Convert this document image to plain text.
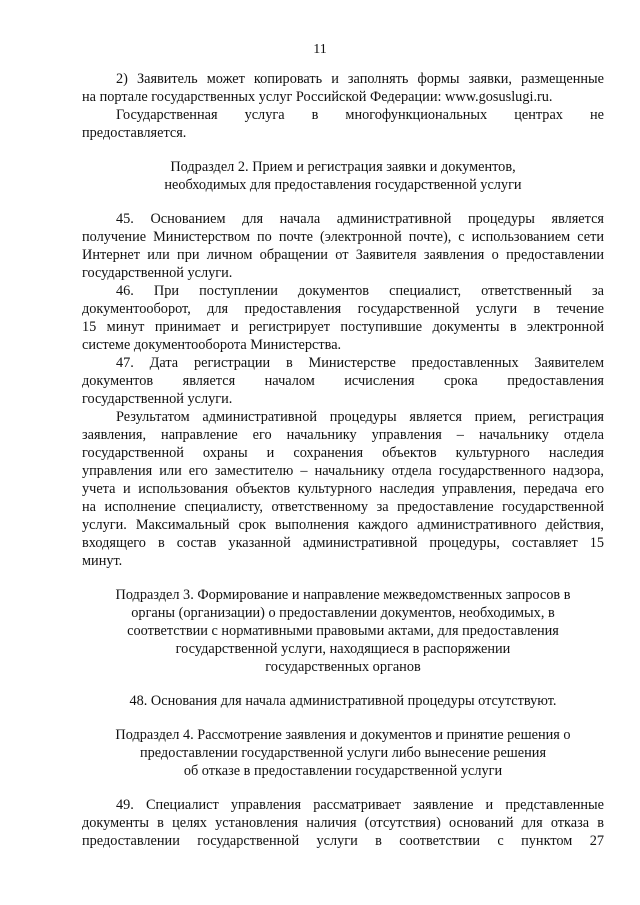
11
2) Заявитель может копировать и заполнять формы заявки, размещенные
на портале государственных услуг Российской Федерации: www.gosuslugi.ru.
Государственная услуга в многофункциональных центрах не
предоставляется.
Подраздел 2. Прием и регистрация заявки и документов,
необходимых для предоставления государственной услуги
45. Основанием для начала административной процедуры является
получение Министерством по почте (электронной почте), с использованием сети
Интернет или при личном обращении от Заявителя заявления о предоставлении
государственной услуги.
46. При поступлении документов специалист, ответственный за
документооборот, для предоставления государственной услуги в течение
15 минут принимает и регистрирует поступившие документы в электронной
системе документооборота Министерства.
47. Дата регистрации в Министерстве предоставленных Заявителем
документов является началом исчисления срока предоставления
государственной услуги.
Результатом административной процедуры является прием, регистрация
заявления, направление его начальнику управления – начальнику отдела
государственной охраны и сохранения объектов культурного наследия
управления или его заместителю – начальнику отдела государственного надзора,
учета и использования объектов культурного наследия управления, передача его
на исполнение специалисту, ответственному за предоставление государственной
услуги. Максимальный срок выполнения каждого административного действия,
входящего в состав указанной административной процедуры, составляет 15
минут.
Подраздел 3. Формирование и направление межведомственных запросов в
органы (организации) о предоставлении документов, необходимых, в
соответствии с нормативными правовыми актами, для предоставления
государственной услуги, находящиеся в распоряжении
государственных органов
48. Основания для начала административной процедуры отсутствуют.
Подраздел 4. Рассмотрение заявления и документов и принятие решения о
предоставлении государственной услуги либо вынесение решения
об отказе в предоставлении государственной услуги
49. Специалист управления рассматривает заявление и представленные
документы в целях установления наличия (отсутствия) оснований для отказа в
предоставлении государственной услуги в соответствии с пунктом 27
